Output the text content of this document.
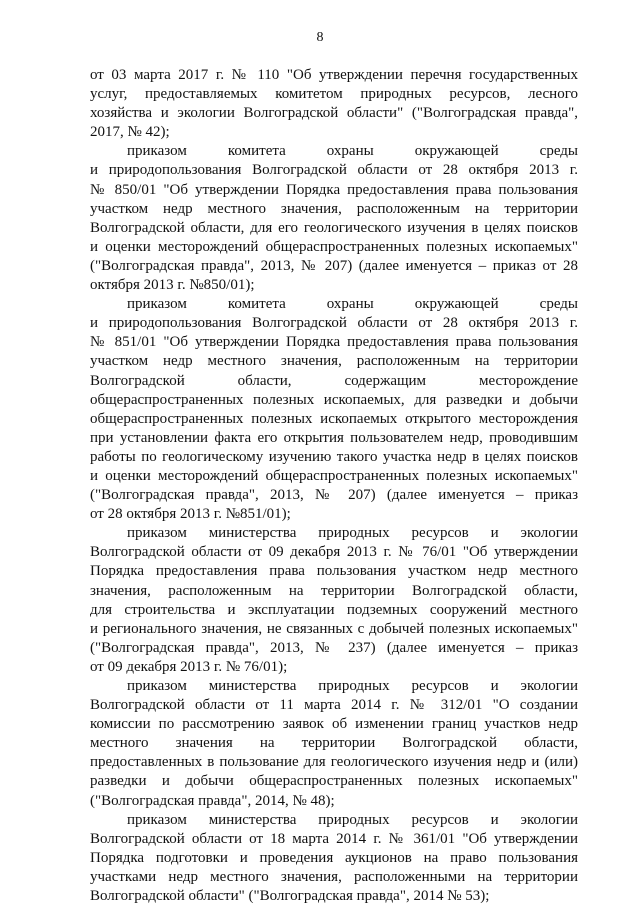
8
от 03 марта 2017 г. № 110 "Об утверждении перечня государственных
услуг, предоставляемых комитетом природных ресурсов, лесного
хозяйства и экологии Волгоградской области" ("Волгоградская правда",
2017, № 42);
приказом комитета охраны окружающей среды
и природопользования Волгоградской области от 28 октября 2013 г.
№ 850/01 "Об утверждении Порядка предоставления права пользования
участком недр местного значения, расположенным на территории
Волгоградской области, для его геологического изучения в целях поисков
и оценки месторождений общераспространенных полезных ископаемых"
("Волгоградская правда", 2013, № 207) (далее именуется – приказ от 28
октября 2013 г. №850/01);
приказом комитета охраны окружающей среды
и природопользования Волгоградской области от 28 октября 2013 г.
№ 851/01 "Об утверждении Порядка предоставления права пользования
участком недр местного значения, расположенным на территории
Волгоградской области, содержащим месторождение
общераспространенных полезных ископаемых, для разведки и добычи
общераспространенных полезных ископаемых открытого месторождения
при установлении факта его открытия пользователем недр, проводившим
работы по геологическому изучению такого участка недр в целях поисков
и оценки месторождений общераспространенных полезных ископаемых"
("Волгоградская правда", 2013, № 207) (далее именуется – приказ
от 28 октября 2013 г. №851/01);
приказом министерства природных ресурсов и экологии
Волгоградской области от 09 декабря 2013 г. № 76/01 "Об утверждении
Порядка предоставления права пользования участком недр местного
значения, расположенным на территории Волгоградской области,
для строительства и эксплуатации подземных сооружений местного
и регионального значения, не связанных с добычей полезных ископаемых"
("Волгоградская правда", 2013, № 237) (далее именуется – приказ
от 09 декабря 2013 г. № 76/01);
приказом министерства природных ресурсов и экологии
Волгоградской области от 11 марта 2014 г. № 312/01 "О создании
комиссии по рассмотрению заявок об изменении границ участков недр
местного значения на территории Волгоградской области,
предоставленных в пользование для геологического изучения недр и (или)
разведки и добычи общераспространенных полезных ископаемых"
("Волгоградская правда", 2014, № 48);
приказом министерства природных ресурсов и экологии
Волгоградской области от 18 марта 2014 г. № 361/01 "Об утверждении
Порядка подготовки и проведения аукционов на право пользования
участками недр местного значения, расположенными на территории
Волгоградской области" ("Волгоградская правда", 2014 № 53);
